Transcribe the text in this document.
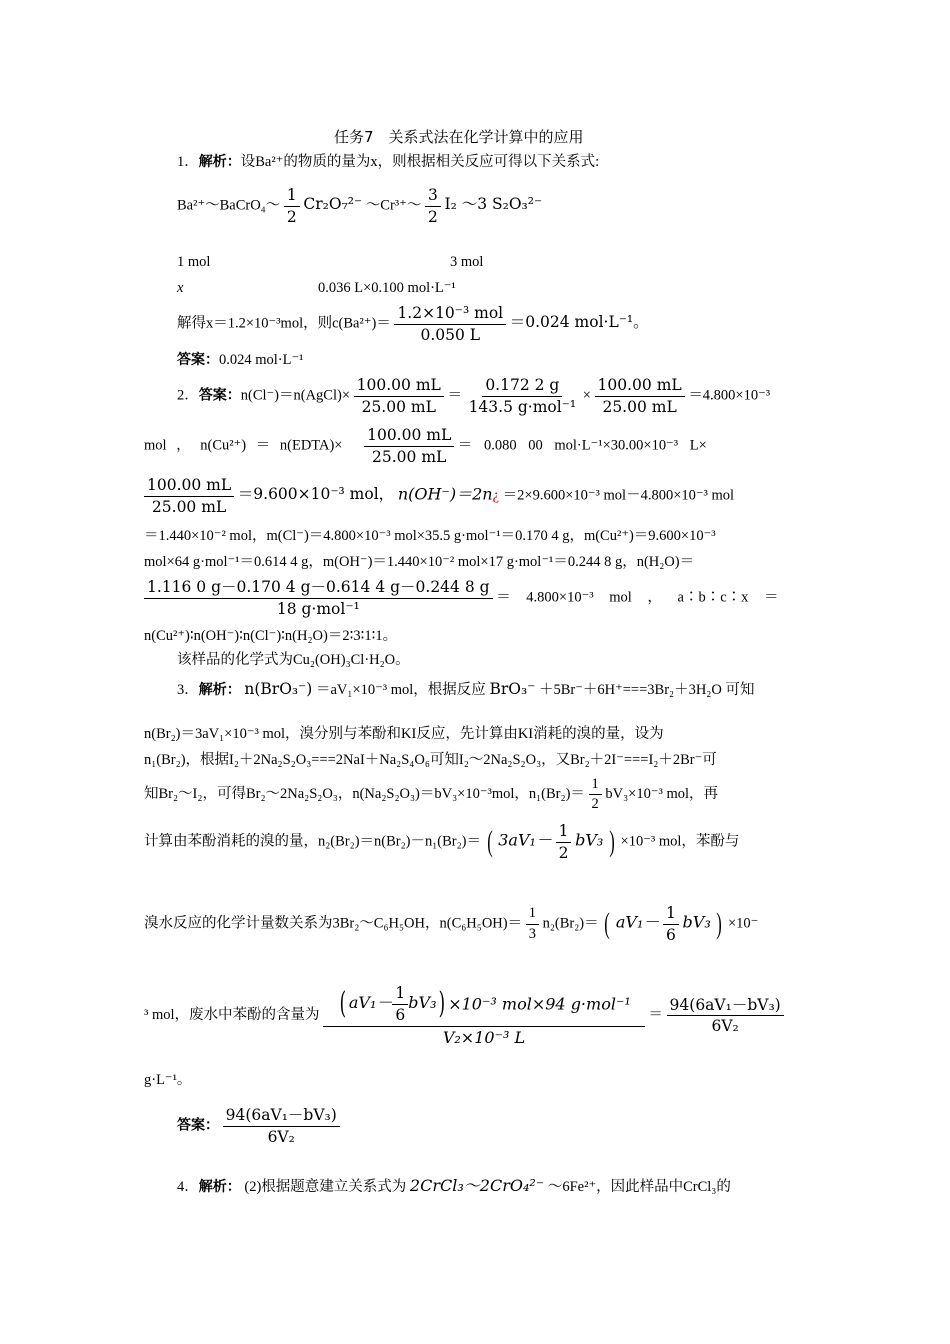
任务7　关系式法在化学计算中的应用
1．解析：设Ba²⁺的物质的量为x，则根据相关反应可得以下关系式:
Ba²⁺～BaCrO₄～ $\frac{1}{2} Cr_2O_7^{2-}$ ～Cr³⁺～ $\frac{3}{2} I_2$ ～3 S₂O₃²⁻
1 mol	3 mol
x	0.036 L×0.100 mol·L⁻¹
解得x＝1.2×10⁻³mol，则$c(Ba^{2+})= \frac{\text{1.2×10⁻³ mol}}{0.050 L} =0.024$ mol·L⁻¹。
答案：0.024 mol·L⁻¹
2．答案：n(Cl⁻)＝n(AgCl)× $\frac{100.00 mL}{25.00 mL} = \frac{0.172 2 g}{\text{143.5 g·mol⁻¹}} \times \frac{100.00 mL}{25.00 mL} =4.800\times 10^{-3}$
mol ， n(Cu²⁺) ＝ n(EDTA)× $\frac{100.00 mL}{25.00 mL} = 0.080$ 00 mol·L⁻¹×30.00×10⁻³ L×
$\frac{100.00 mL}{25.00 mL} =9.600\times 10^{-3}$ mol， n(OH⁻)＝2n¿ ＝2×9.600×10⁻³ mol－4.800×10⁻³ mol
＝1.440×10⁻² mol，m(Cl⁻)＝4.800×10⁻³ mol×35.5 g·mol⁻¹＝0.170 4 g，m(Cu²⁺)＝9.600×10⁻³
mol×64 g·mol⁻¹＝0.614 4 g，m(OH⁻)＝1.440×10⁻² mol×17 g·mol⁻¹＝0.244 8 g，n(H₂O)＝
$\frac{1.116 0 g-0.170 4 g-0.614 4 g-0.244 8 g}{\text{18 g·mol⁻¹}} = 4.800\times 10^{-3}$ mol ， a∶b∶c∶x ＝
n(Cu²⁺)∶n(OH⁻)∶n(Cl⁻)∶n(H₂O)＝2∶3∶1∶1。
该样品的化学式为Cu₂(OH)₃Cl·H₂O。
3．解析： n(BrO₃⁻) ＝aV₁×10⁻³ mol，根据反应 BrO₃⁻ ＋5Br⁻＋6H⁺===3Br₂＋3H₂O 可知
n(Br₂)＝3aV₁×10⁻³ mol，溴分别与苯酚和KI反应，先计算由KI消耗的溴的量，设为
n₁(Br₂)，根据I₂＋2Na₂S₂O₃===2NaI＋Na₂S₄O₆可知I₂～2Na₂S₂O₃，又Br₂＋2I⁻===I₂＋2Br⁻可
知Br₂～I₂，可得Br₂～2Na₂S₂O₃，n(Na₂S₂O₃)＝bV₃×10⁻³mol，$n_1(Br_2)= \frac{1}{2} bV_3\times 10^{-3}$ mol，再
计算由苯酚消耗的溴的量，n₂(Br₂)＝n(Br₂)－n₁(Br₂)＝ ( $3aV_1- \frac{1}{2} bV_3$ ) ×10⁻³ mol，苯酚与
溴水反应的化学计量数关系为3Br₂～C₆H₅OH，$n(C_6H_5OH)= \frac{1}{3} n_2(Br_2)=$ ( $aV_1- \frac{1}{6} bV_3$ ) ×10⁻
³ mol，废水中苯酚的含量为 $\frac{( aV_1- \frac{1}{6} bV_3) \times 10^{-3} mol\times 94 g\cdot mol^{-1}}{\text{V₂×10⁻³ L}} = \frac{\text{94(6aV₁－bV₃)}}{\text{6V₂}}$
g·L⁻¹。
答案： $\frac{\text{94(6aV₁－bV₃)}}{\text{6V₂}}$
4．解析： (2)根据题意建立关系式为 2CrCl₃～2CrO₄²⁻ ～6Fe²⁺，因此样品中CrCl₃的
